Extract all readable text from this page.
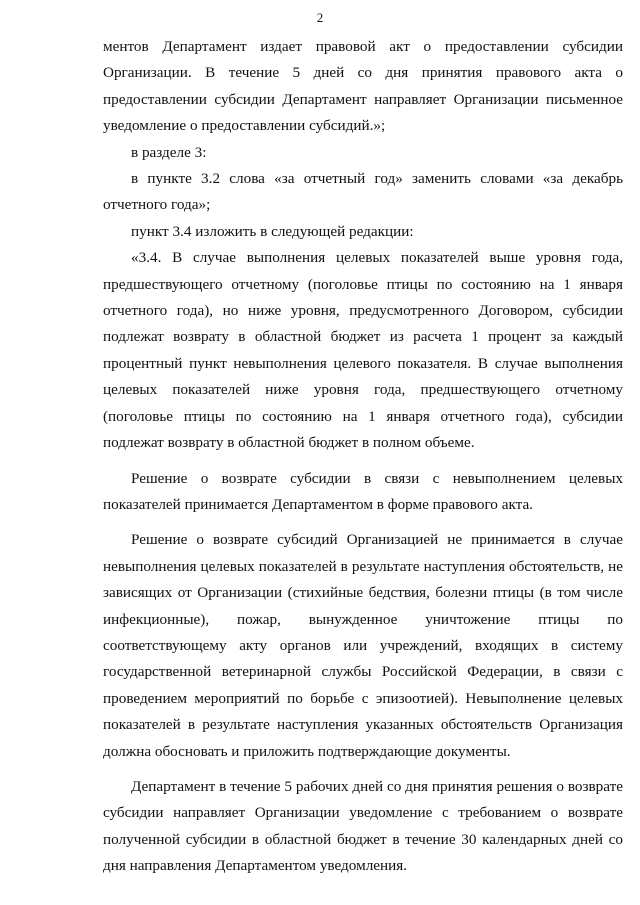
2

ментов Департамент издает правовой акт о предоставлении субсидии Организации. В течение 5 дней со дня принятия правового акта о предоставлении субсидии Департамент направляет Организации письменное уведомление о предоставлении субсидий.»;

в разделе 3:

в пункте 3.2 слова «за отчетный год» заменить словами «за декабрь отчетного года»;

пункт 3.4 изложить в следующей редакции:

«3.4. В случае выполнения целевых показателей выше уровня года, предшествующего отчетному (поголовье птицы по состоянию на 1 января отчетного года), но ниже уровня, предусмотренного Договором, субсидии подлежат возврату в областной бюджет из расчета 1 процент за каждый процентный пункт невыполнения целевого показателя. В случае выполнения целевых показателей ниже уровня года, предшествующего отчетному (поголовье птицы по состоянию на 1 января отчетного года), субсидии подлежат возврату в областной бюджет в полном объеме.

Решение о возврате субсидии в связи с невыполнением целевых показателей принимается Департаментом в форме правового акта.

Решение о возврате субсидий Организацией не принимается в случае невыполнения целевых показателей в результате наступления обстоятельств, не зависящих от Организации (стихийные бедствия, болезни птицы (в том числе инфекционные), пожар, вынужденное уничтожение птицы по соответствующему акту органов или учреждений, входящих в систему государственной ветеринарной службы Российской Федерации, в связи с проведением мероприятий по борьбе с эпизоотией). Невыполнение целевых показателей в результате наступления указанных обстоятельств Организация должна обосновать и приложить подтверждающие документы.

Департамент в течение 5 рабочих дней со дня принятия решения о возврате субсидии направляет Организации уведомление с требованием о возврате полученной субсидии в областной бюджет в течение 30 календарных дней со дня направления Департаментом уведомления.
